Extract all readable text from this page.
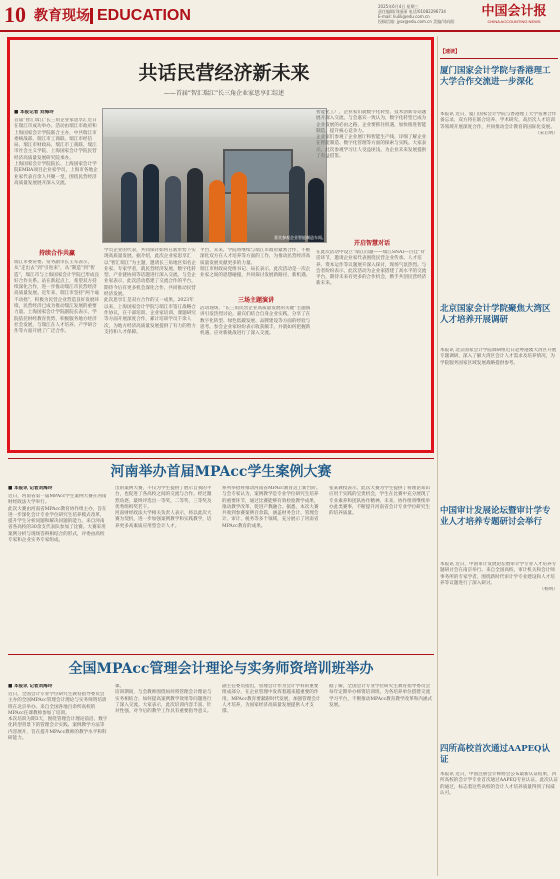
10 教育现场 EDUCATION
2025年6月4日 星期三
责任编辑/刘丽丽 电话/01082296734
E-mail: liulili@edu.com.cn
投稿信箱: jysx@edu.com.cn 美编/刘向阳
中国会计报
CHINA ACCOUNTING NEWS
共话民营经济新未来
——首届“智汇瑞江”长三角企业家思享汇综述
嘉宾参观企业智能制造车间。
■ 本报记者 刘海玲
首届“智汇瑞江”长三角企业家思享汇近日在瑞江市成功举办。活动由瑞江市政府和上海国家会计学院联合主办，中共瑞江市委统战部、瑞江市工商联、瑞江市经信局、瑞江市财政局、瑞江市工商联、瑞江市社会主义学院、上海国家会计学院民营经济高质量发展研究院承办。
上海国家会计学院院长、上海国家会计学院EMBA项目企业家学员，上海市各地企业家代表百余人共聚一堂，围绕民营经济高质量发展展开深入交流。
持续合作共赢
瑞江市委常委、常务副市长王军表示，从“走出去”到“引进来”，从“制造”到“智造”，瑞江市与上海国家会计学院已形成良好合作关系。站在新起点上，希望双方持续深化合作，进一步推动瑞江市民营经济高质量发展。近年来，瑞江市坚持“两个毫不动摇”，积极为民营企业营造良好发展环境，民营经济已成为推动瑞江发展的重要力量。上海国家会计学院副院长表示，学院依托财经教育优势，积极服务地方经济社会发展，与瑞江在人才培养、产学研合作等方面开展了广泛合作。
学员企业的代表，共同探讨如何在新形势下实现高质量发展。据介绍，此次企业家思享汇以“智汇瑞江”为主题，邀请长三角地区知名企业家、专家学者，就民营经济发展、数字化转型、产业链协同等话题进行深入交流。与会企业家表示，此次活动搭建了交流合作的平台，期待今后有更多机会深化合作，共同推动民营经济发展。
此次思享汇是双方合作的又一成果。2023年以来，上海国家会计学院与瑞江市签订战略合作协议，在干部培训、企业家培训、课题研究等方面开展深度合作，累计培训学员千余人次，为地方经济高质量发展提供了有力的智力支持和人才保障。
平台，未来，学院将继续与瑞江市政府紧密合作，不断深化双方在人才培养等方面的工作，为推动民营经济高质量发展贡献更多的力量。
瑞江市财政局党组书记、局长表示，此次活动是一次企业家之间的思想碰撞，共同探讨发展新路径、新机遇。
三场主题演讲
活动现场，“长三角民营企业高质量发展的关键”主题演讲引发热烈讨论。嘉宾们结合自身企业实践，分享了在数字化转型、绿色低碳发展、品牌建设等方面的经验与思考。参会企业家纷纷表示收获颇丰，并就如何把握新机遇、应对新挑战进行了深入交流。
智能化工厂，企业家们就数字化转型、技术创新等话题展开深入交流。与会嘉宾一致认为，数字化转型已成为企业发展的必由之路，企业要抓住机遇，加快推进智能制造，提升核心竞争力。
企业家们参观了企业展厅和智能生产线，详细了解企业在智能制造、数字化管理等方面的探索与实践。大家表示，此次参观学习让人受益匪浅，为企业未来发展提供了有益借鉴。
开启智慧对话
在此次活动中设立“瑞江问题——瑞江SNAI—百佳”对话环节，邀请企业家代表围绕民营企业传承、人才培养、资本运作等议题展开深入探讨，现场气氛热烈。与会者纷纷表示，此次活动为企业家搭建了高水平的交流平台，期待未来有更多的合作机会，携手共创民营经济新未来。
河南举办首届MPAcc学生案例大赛
■ 本报讯 记者刘海玲
近日，河南省第一届MPAcc学生案例大赛在河南财经政法大学举行。
此次大赛由河南省MPAcc教育协作组主办，旨在进一步深化会计专业学位研究生培养模式改革，提升学生分析问题和解决问题的能力。来自河南省各高校的30余支代表队参加了比赛。大赛采用案例分析与现场答辩相结合的形式，评委由高校专家和企业实务专家组成。
出的案例大赛，不仅为学生提供了展示自我的平台，也促进了各高校之间的交流与合作。经过激烈角逐，最终评选出一等奖、二等奖、三等奖及优秀组织奖若干。
河南财经政法大学相关负责人表示，将以此次大赛为契机，进一步加强案例教学和实践教学，培养更多高素质应用型会计人才。
系列举措将推动河南省MPAcc教育迈上新台阶。与会专家认为，案例教学是专业学位研究生培养的重要环节，通过比赛能够有效检验教学成果，推动教学改革，促进产教融合。据悉，本次大赛共收到参赛案例百余篇，涵盖财务会计、管理会计、审计、税务等多个领域，充分展示了河南省MPAcc教育的成果。
张某教授表示，此次大赛为学生提供了将理论知识应用于实践的宝贵机会，学生在比赛中充分展现了专业素养和团队协作精神。未来，协作组将继续举办此类赛事，不断提升河南省会计专业学位研究生的培养质量。
全国MPAcc管理会计理论与实务师资培训班举办
■ 本报讯 记者刘海玲
近日，全国会计专业学位研究生教育指导委员会主办的全国MPAcc管理会计理论与实务师资培训班在北京举办。来自全国各地百余所高校的MPAcc任课教师参加了培训。
本次培训为期3天，围绕管理会计理论前沿、数字化转型背景下的管理会计实践、案例教学方法等内容展开，旨在提升MPAcc教师的教学水平和科研能力。
课。
培训期间，与会教师围绕如何将管理会计理论与实务相结合、如何提高案例教学效果等问题进行了深入交流。大家表示，此次培训内容丰富、针对性强，对今后的教学工作具有重要指导意义。
副主任委员指出，管理会计作为会计学科的重要组成部分，在企业管理中发挥着越来越重要的作用。MPAcc教育要紧跟时代发展，加强管理会计人才培养，为国家经济高质量发展提供人才支撑。
据了解，全国会计专业学位研究生教育指导委员会每年定期举办师资培训班，为各培养单位搭建交流学习平台，不断推动MPAcc教育教学改革和内涵式发展。
【速读】
厦门国家会计学院与香港理工大学合作交流进一步深化
本报讯 近日，厦门国家会计学院与香港理工大学签署合作备忘录，双方将在联合培养、学术研究、高层次人才培训等领域开展深度合作，共同推动会计教育的国际化发展。
（宋启明）
北京国家会计学院聚焦大湾区人才培养开展调研
本报讯 北京国家会计学院调研组近日赴粤港澳大湾区开展专题调研，深入了解大湾区会计人才需求及培养情况，为学院服务国家区域发展战略提供参考。
中国审计发展论坛暨审计学专业人才培养专题研讨会举行
本报讯 近日，中国审计发展论坛暨审计学专业人才培养专题研讨会在南京举行。来自全国高校、审计机关和会计师事务所的专家学者，围绕新时代审计学专业建设和人才培养等议题进行了深入研讨。
（杨明）
四所高校首次通过AAPEQ认证
本报讯 近日，中国注册会计师协会公布最新认证结果，四所高校的会计学专业首次通过AAPEQ专业认证。此次认证的通过，标志着这些高校的会计人才培养质量得到了权威认可。
